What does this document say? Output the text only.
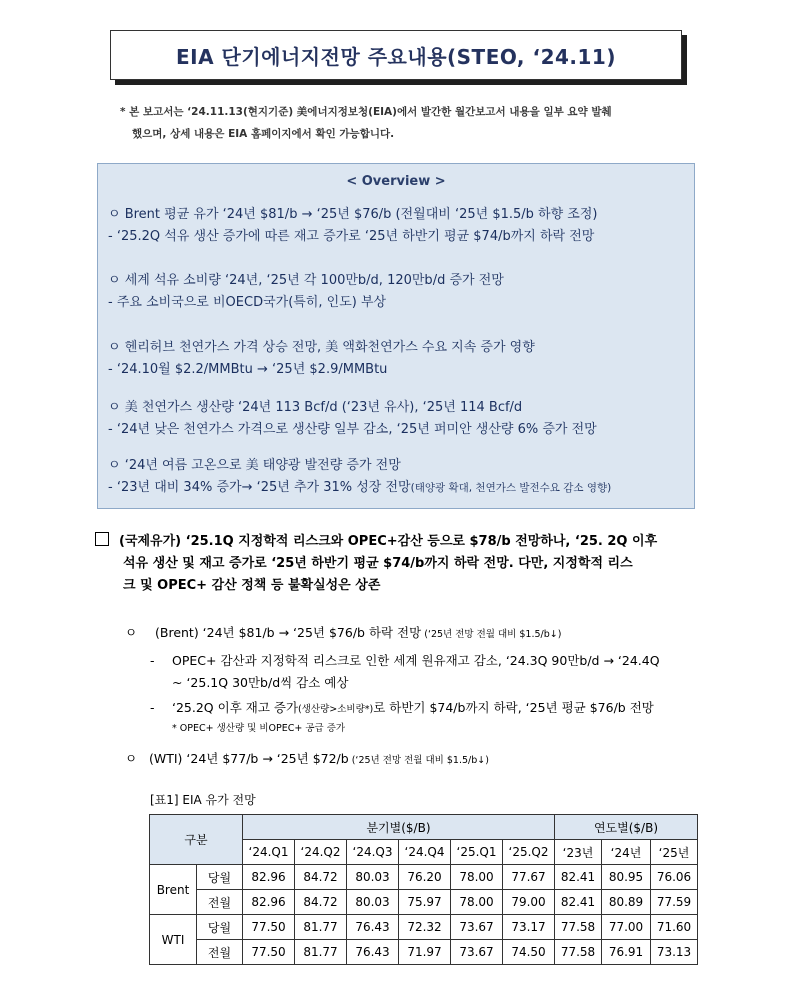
EIA 단기에너지전망 주요내용(STEO, ‘24.11)
* 본 보고서는 ‘24.11.13(현지기준) 美에너지정보청(EIA)에서 발간한 월간보고서 내용을 일부 요약 발췌
했으며, 상세 내용은 EIA 홈페이지에서 확인 가능합니다.
< Overview >
ㅇ Brent 평균 유가 ‘24년 $81/b → ‘25년 $76/b (전월대비 ‘25년 $1.5/b 하향 조정)
- ‘25.2Q 석유 생산 증가에 따른 재고 증가로 ‘25년 하반기 평균 $74/b까지 하락 전망
ㅇ 세계 석유 소비량 ‘24년, ‘25년 각 100만b/d, 120만b/d 증가 전망
- 주요 소비국으로 비OECD국가(특히, 인도) 부상
ㅇ 헨리허브 천연가스 가격 상승 전망, 美 액화천연가스 수요 지속 증가 영향
- ‘24.10월 $2.2/MMBtu → ‘25년 $2.9/MMBtu
ㅇ 美 천연가스 생산량 ‘24년 113 Bcf/d (‘23년 유사), ‘25년 114 Bcf/d
- ‘24년 낮은 천연가스 가격으로 생산량 일부 감소, ‘25년 퍼미안 생산량 6% 증가 전망
ㅇ ‘24년 여름 고온으로 美 태양광 발전량 증가 전망
- ‘23년 대비 34% 증가→ ‘25년 추가 31% 성장 전망(태양광 확대, 천연가스 발전수요 감소 영향)
(국제유가) ‘25.1Q 지정학적 리스크와 OPEC+감산 등으로 $78/b 전망하나, ‘25. 2Q 이후
석유 생산 및 재고 증가로 ‘25년 하반기 평균 $74/b까지 하락 전망. 다만, 지정학적 리스
크 및 OPEC+ 감산 정책 등 불확실성은 상존
ㅇ (Brent) ‘24년 $81/b → ‘25년 $76/b 하락 전망 (‘25년 전망 전월 대비 $1.5/b↓)
- OPEC+ 감산과 지정학적 리스크로 인한 세계 원유재고 감소, ‘24.3Q 90만b/d → ‘24.4Q
~ ‘25.1Q 30만b/d씩 감소 예상
- ‘25.2Q 이후 재고 증가(생산량>소비량*)로 하반기 $74/b까지 하락, ‘25년 평균 $76/b 전망
* OPEC+ 생산량 및 비OPEC+ 공급 증가
ㅇ (WTI) ‘24년 $77/b → ‘25년 $72/b (‘25년 전망 전월 대비 $1.5/b↓)
[표1] EIA 유가 전망
구분		분기별($/B)						연도별($/B)		
		‘24.Q1	‘24.Q2	‘24.Q3	‘24.Q4	‘25.Q1	‘25.Q2	‘23년	‘24년	‘25년
Brent	당월	82.96	84.72	80.03	76.20	78.00	77.67	82.41	80.95	76.06
	전월	82.96	84.72	80.03	75.97	78.00	79.00	82.41	80.89	77.59
WTI	당월	77.50	81.77	76.43	72.32	73.67	73.17	77.58	77.00	71.60
	전월	77.50	81.77	76.43	71.97	73.67	74.50	77.58	76.91	73.13
